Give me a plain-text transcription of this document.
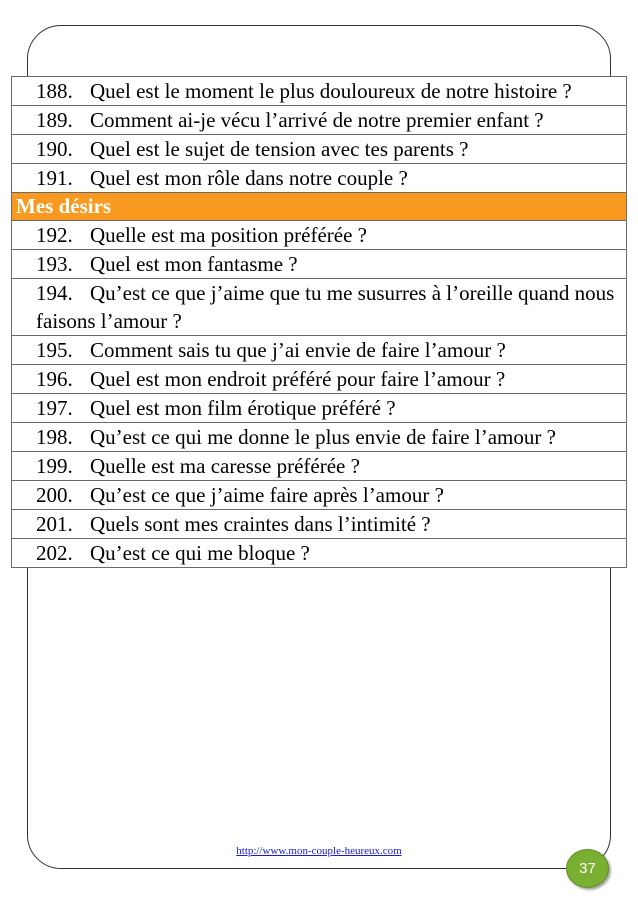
188. Quel est le moment le plus douloureux de notre histoire ?
189. Comment ai-je vécu l’arrivé de notre premier enfant ?
190. Quel est le sujet de tension avec tes parents ?
191. Quel est mon rôle dans notre couple ?
Mes désirs
192. Quelle est ma position préférée ?
193. Quel est mon fantasme ?
194. Qu’est ce que j’aime que tu me susurres à l’oreille quand nous faisons l’amour ?
195. Comment sais tu que j’ai envie de faire l’amour ?
196. Quel est mon endroit préféré pour faire l’amour ?
197. Quel est mon film érotique préféré ?
198. Qu’est ce qui me donne le plus envie de faire l’amour ?
199. Quelle est ma caresse préférée ?
200. Qu’est ce que j’aime faire après l’amour ?
201. Quels sont mes craintes dans l’intimité ?
202. Qu’est ce qui me bloque ?
http://www.mon-couple-heureux.com
37
